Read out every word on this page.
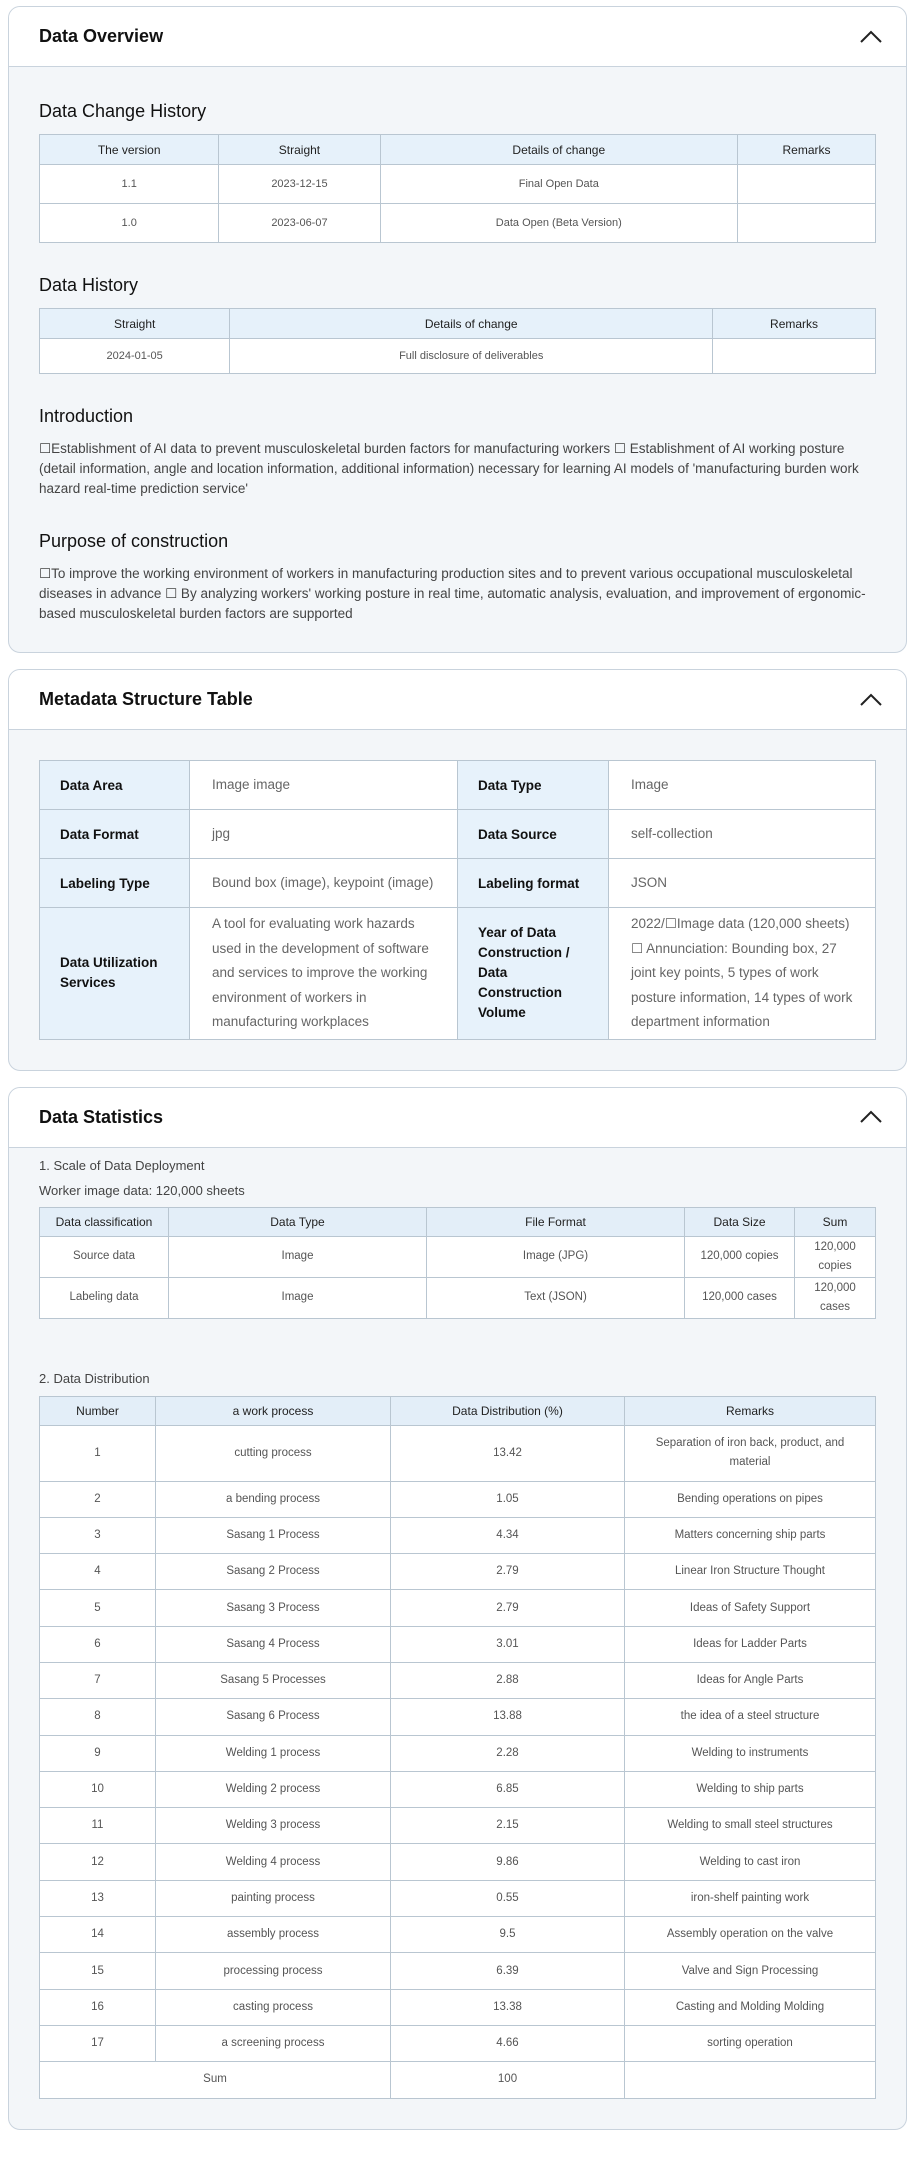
Data Overview
Data Change History
The version	Straight	Details of change	Remarks
1.1	2023-12-15	Final Open Data	
1.0	2023-06-07	Data Open (Beta Version)	
Data History
Straight	Details of change	Remarks
2024-01-05	Full disclosure of deliverables	
Introduction

☐Establishment of AI data to prevent musculoskeletal burden factors for manufacturing workers ☐ Establishment of AI working posture (detail information, angle and location information, additional information) necessary for learning AI models of 'manufacturing burden work hazard real-time prediction service'

Purpose of construction

☐To improve the working environment of workers in manufacturing production sites and to prevent various occupational musculoskeletal diseases in advance ☐ By analyzing workers' working posture in real time, automatic analysis, evaluation, and improvement of ergonomic-based musculoskeletal burden factors are supported

Metadata Structure Table
Data Area	Image image	Data Type	Image
Data Format	jpg	Data Source	self-collection
Labeling Type	Bound box (image), keypoint (image)	Labeling format	JSON
Data Utilization Services	A tool for evaluating work hazards used in the development of software and services to improve the working environment of workers in manufacturing workplaces	Year of Data Construction / Data Construction Volume	2022/☐Image data (120,000 sheets) ☐ Annunciation: Bounding box, 27 joint key points, 5 types of work posture information, 14 types of work department information
Data Statistics
1. Scale of Data Deployment
Worker image data: 120,000 sheets
Data classification	Data Type	File Format	Data Size	Sum
Source data	Image	Image (JPG)	120,000 copies	120,000 copies
Labeling data	Image	Text (JSON)	120,000 cases	120,000 cases
2. Data Distribution
Number	a work process	Data Distribution (%)	Remarks
1	cutting process	13.42	Separation of iron back, product, and material
2	a bending process	1.05	Bending operations on pipes
3	Sasang 1 Process	4.34	Matters concerning ship parts
4	Sasang 2 Process	2.79	Linear Iron Structure Thought
5	Sasang 3 Process	2.79	Ideas of Safety Support
6	Sasang 4 Process	3.01	Ideas for Ladder Parts
7	Sasang 5 Processes	2.88	Ideas for Angle Parts
8	Sasang 6 Process	13.88	the idea of a steel structure
9	Welding 1 process	2.28	Welding to instruments
10	Welding 2 process	6.85	Welding to ship parts
11	Welding 3 process	2.15	Welding to small steel structures
12	Welding 4 process	9.86	Welding to cast iron
13	painting process	0.55	iron-shelf painting work
14	assembly process	9.5	Assembly operation on the valve
15	processing process	6.39	Valve and Sign Processing
16	casting process	13.38	Casting and Molding Molding
17	a screening process	4.66	sorting operation
Sum		100	
